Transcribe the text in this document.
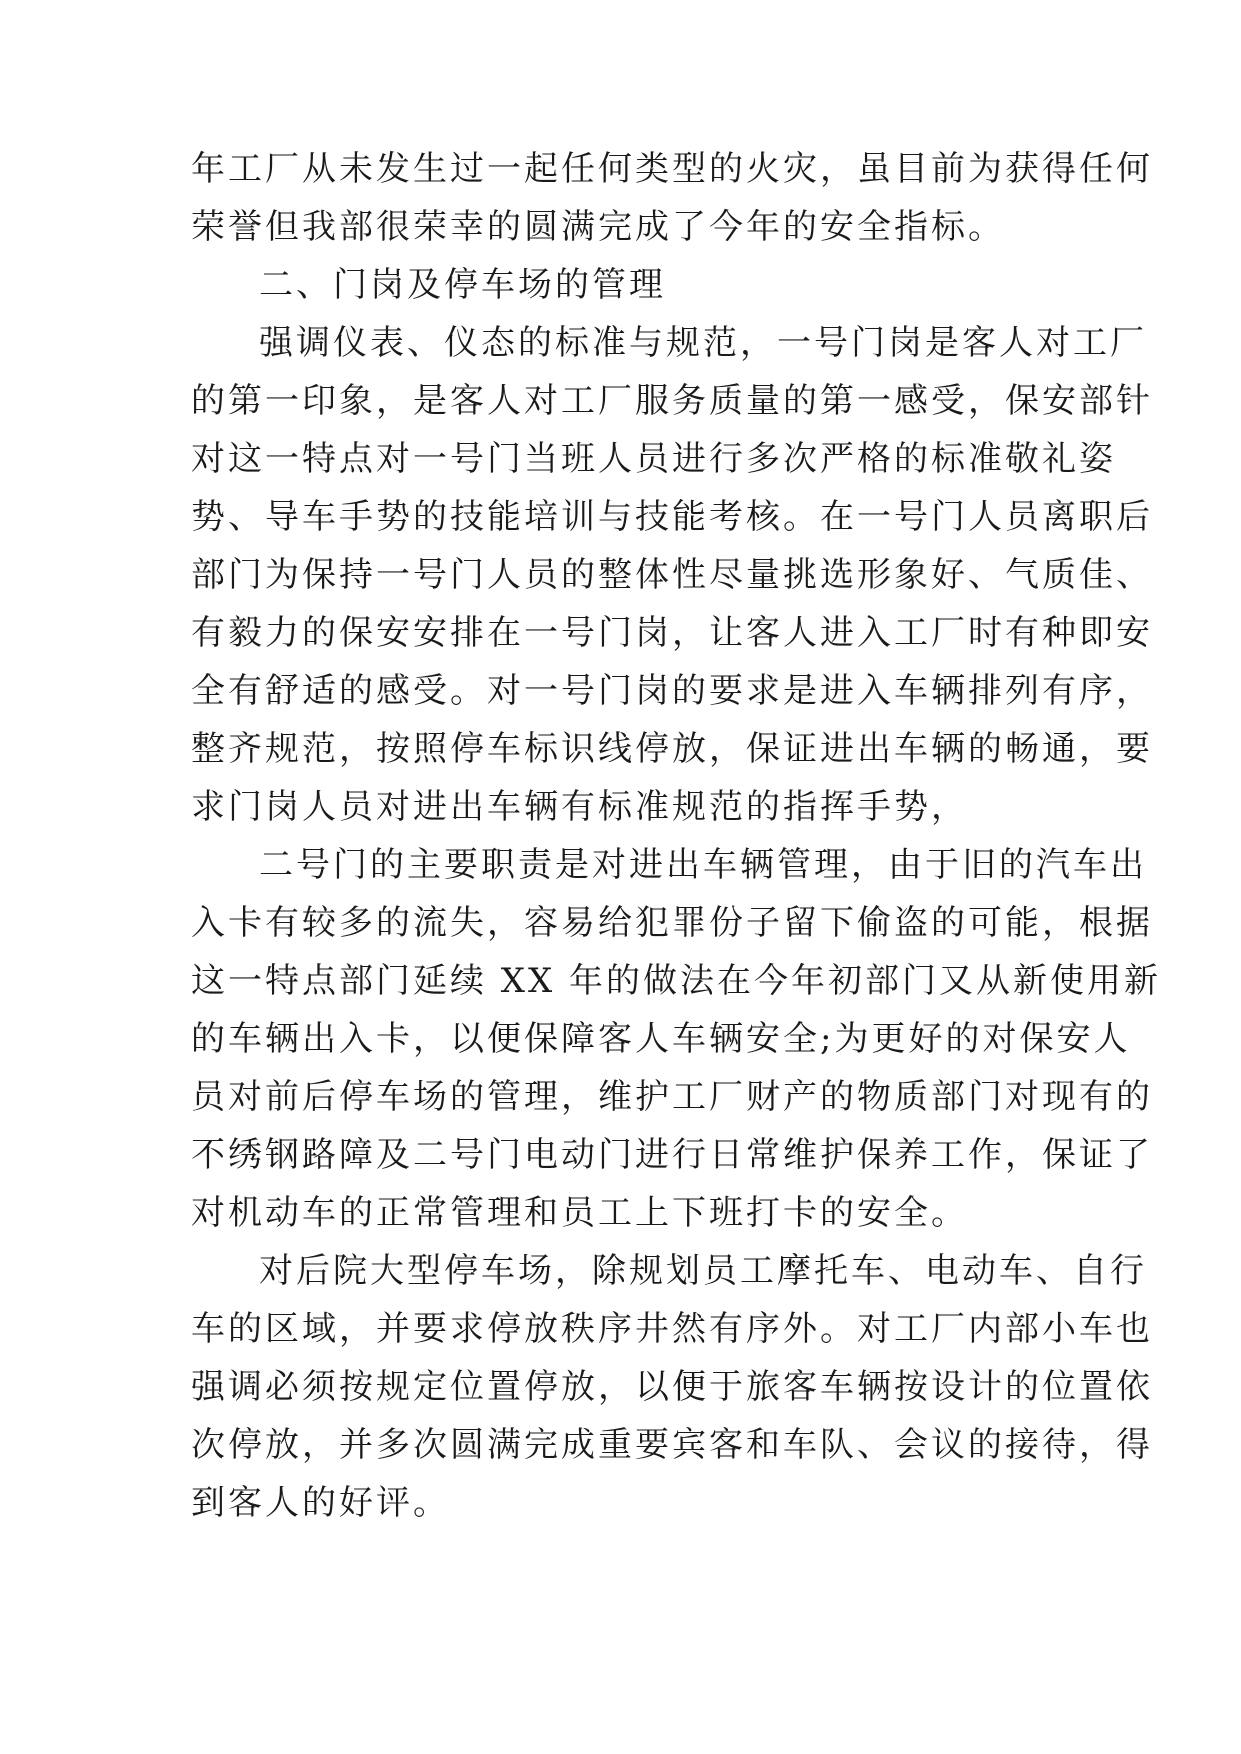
年工厂从未发生过一起任何类型的火灾，虽目前为获得任何
荣誉但我部很荣幸的圆满完成了今年的安全指标。
二、门岗及停车场的管理
强调仪表、仪态的标准与规范，一号门岗是客人对工厂
的第一印象，是客人对工厂服务质量的第一感受，保安部针
对这一特点对一号门当班人员进行多次严格的标准敬礼姿
势、导车手势的技能培训与技能考核。在一号门人员离职后
部门为保持一号门人员的整体性尽量挑选形象好、气质佳、
有毅力的保安安排在一号门岗，让客人进入工厂时有种即安
全有舒适的感受。对一号门岗的要求是进入车辆排列有序，
整齐规范，按照停车标识线停放，保证进出车辆的畅通，要
求门岗人员对进出车辆有标准规范的指挥手势，
二号门的主要职责是对进出车辆管理，由于旧的汽车出
入卡有较多的流失，容易给犯罪份子留下偷盗的可能，根据
这一特点部门延续 XX 年的做法在今年初部门又从新使用新
的车辆出入卡，以便保障客人车辆安全;为更好的对保安人
员对前后停车场的管理，维护工厂财产的物质部门对现有的
不绣钢路障及二号门电动门进行日常维护保养工作，保证了
对机动车的正常管理和员工上下班打卡的安全。
对后院大型停车场，除规划员工摩托车、电动车、自行
车的区域，并要求停放秩序井然有序外。对工厂内部小车也
强调必须按规定位置停放，以便于旅客车辆按设计的位置依
次停放，并多次圆满完成重要宾客和车队、会议的接待，得
到客人的好评。
